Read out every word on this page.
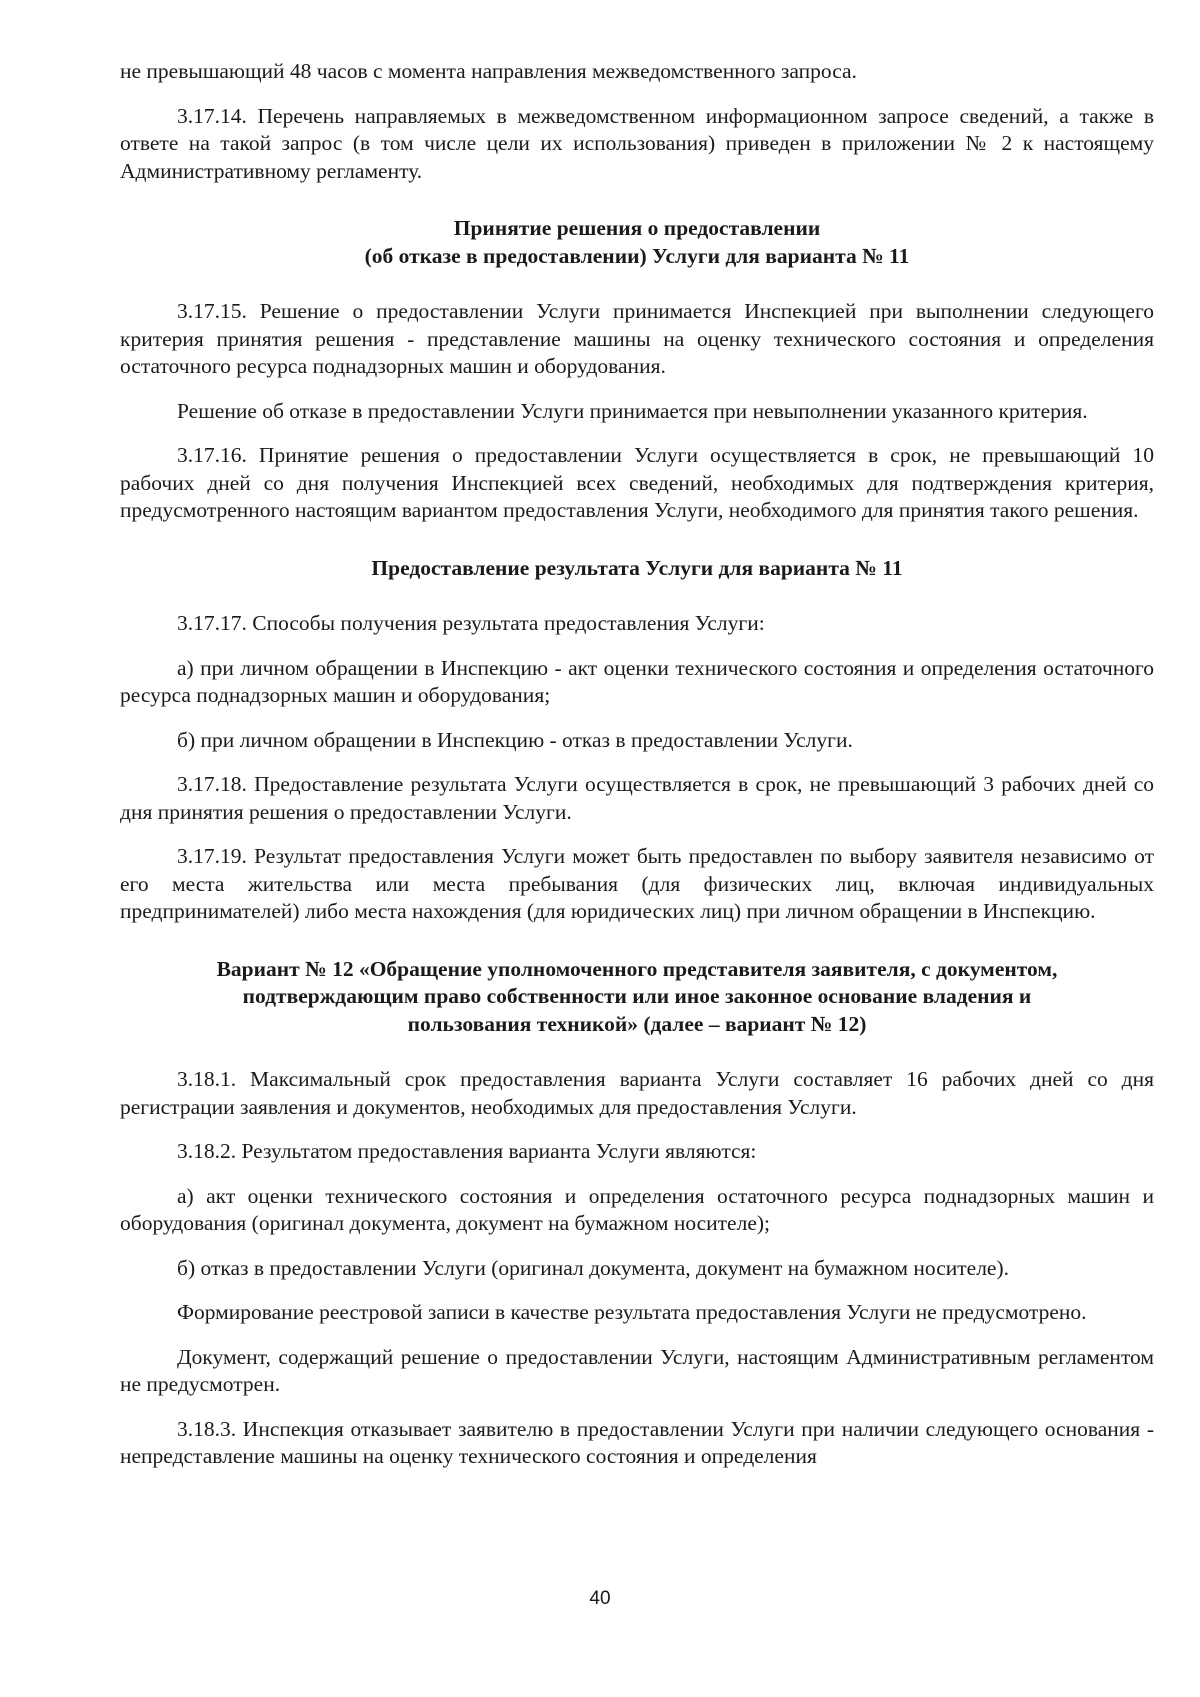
не превышающий 48 часов с момента направления межведомственного запроса.

3.17.14. Перечень направляемых в межведомственном информационном запросе сведений, а также в ответе на такой запрос (в том числе цели их использования) приведен в приложении № 2 к настоящему Административному регламенту.

Принятие решения о предоставлении
(об отказе в предоставлении) Услуги для варианта № 11

3.17.15. Решение о предоставлении Услуги принимается Инспекцией при выполнении следующего критерия принятия решения - представление машины на оценку технического состояния и определения остаточного ресурса поднадзорных машин и оборудования.

Решение об отказе в предоставлении Услуги принимается при невыполнении указанного критерия.

3.17.16. Принятие решения о предоставлении Услуги осуществляется в срок, не превышающий 10 рабочих дней со дня получения Инспекцией всех сведений, необходимых для подтверждения критерия, предусмотренного настоящим вариантом предоставления Услуги, необходимого для принятия такого решения.

Предоставление результата Услуги для варианта № 11

3.17.17. Способы получения результата предоставления Услуги:

а) при личном обращении в Инспекцию - акт оценки технического состояния и определения остаточного ресурса поднадзорных машин и оборудования;

б) при личном обращении в Инспекцию - отказ в предоставлении Услуги.

3.17.18. Предоставление результата Услуги осуществляется в срок, не превышающий 3 рабочих дней со дня принятия решения о предоставлении Услуги.

3.17.19. Результат предоставления Услуги может быть предоставлен по выбору заявителя независимо от его места жительства или места пребывания (для физических лиц, включая индивидуальных предпринимателей) либо места нахождения (для юридических лиц) при личном обращении в Инспекцию.

Вариант № 12 «Обращение уполномоченного представителя заявителя, с документом,
подтверждающим право собственности или иное законное основание владения и
пользования техникой» (далее – вариант № 12)

3.18.1. Максимальный срок предоставления варианта Услуги составляет 16 рабочих дней со дня регистрации заявления и документов, необходимых для предоставления Услуги.

3.18.2. Результатом предоставления варианта Услуги являются:

а) акт оценки технического состояния и определения остаточного ресурса поднадзорных машин и оборудования (оригинал документа, документ на бумажном носителе);

б) отказ в предоставлении Услуги (оригинал документа, документ на бумажном носителе).

Формирование реестровой записи в качестве результата предоставления Услуги не предусмотрено.

Документ, содержащий решение о предоставлении Услуги, настоящим Административным регламентом не предусмотрен.

3.18.3. Инспекция отказывает заявителю в предоставлении Услуги при наличии следующего основания - непредставление машины на оценку технического состояния и определения

40
